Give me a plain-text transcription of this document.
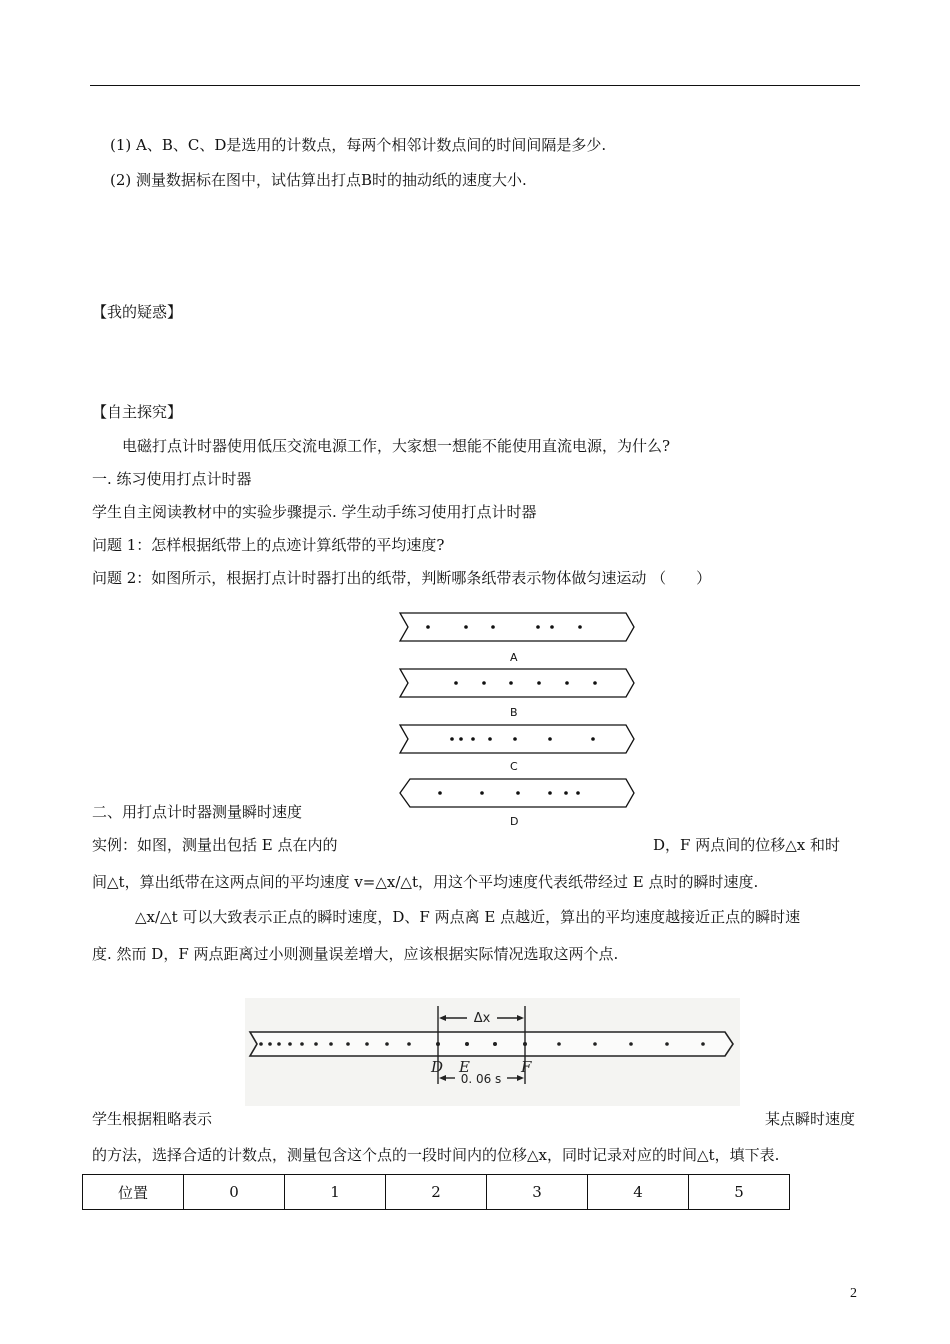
(1) A、B、C、D是选用的计数点，每两个相邻计数点间的时间间隔是多少.
(2) 测量数据标在图中，试估算出打点B时的抽动纸的速度大小.
【我的疑惑】
【自主探究】
电磁打点计时器使用低压交流电源工作，大家想一想能不能使用直流电源，为什么?
一. 练习使用打点计时器
学生自主阅读教材中的实验步骤提示. 学生动手练习使用打点计时器
问题 1：怎样根据纸带上的点迹计算纸带的平均速度?
问题 2：如图所示，根据打点计时器打出的纸带，判断哪条纸带表示物体做匀速运动 （　　）
A
B
C
D
二、用打点计时器测量瞬时速度
实例：如图，测量出包括 E 点在内的	D，F 两点间的位移△x 和时
间△t，算出纸带在这两点间的平均速度 v=△x/△t，用这个平均速度代表纸带经过 E 点时的瞬时速度.
△x/△t 可以大致表示正点的瞬时速度，D、F 两点离 E 点越近，算出的平均速度越接近正点的瞬时速
度. 然而 D，F 两点距离过小则测量误差增大，应该根据实际情况选取这两个点.
Δx
0. 06 s
D E	F
学生根据粗略表示	某点瞬时速度
的方法，选择合适的计数点，测量包含这个点的一段时间内的位移△x，同时记录对应的时间△t，填下表.
位置	0	1	2	3	4	5
2
